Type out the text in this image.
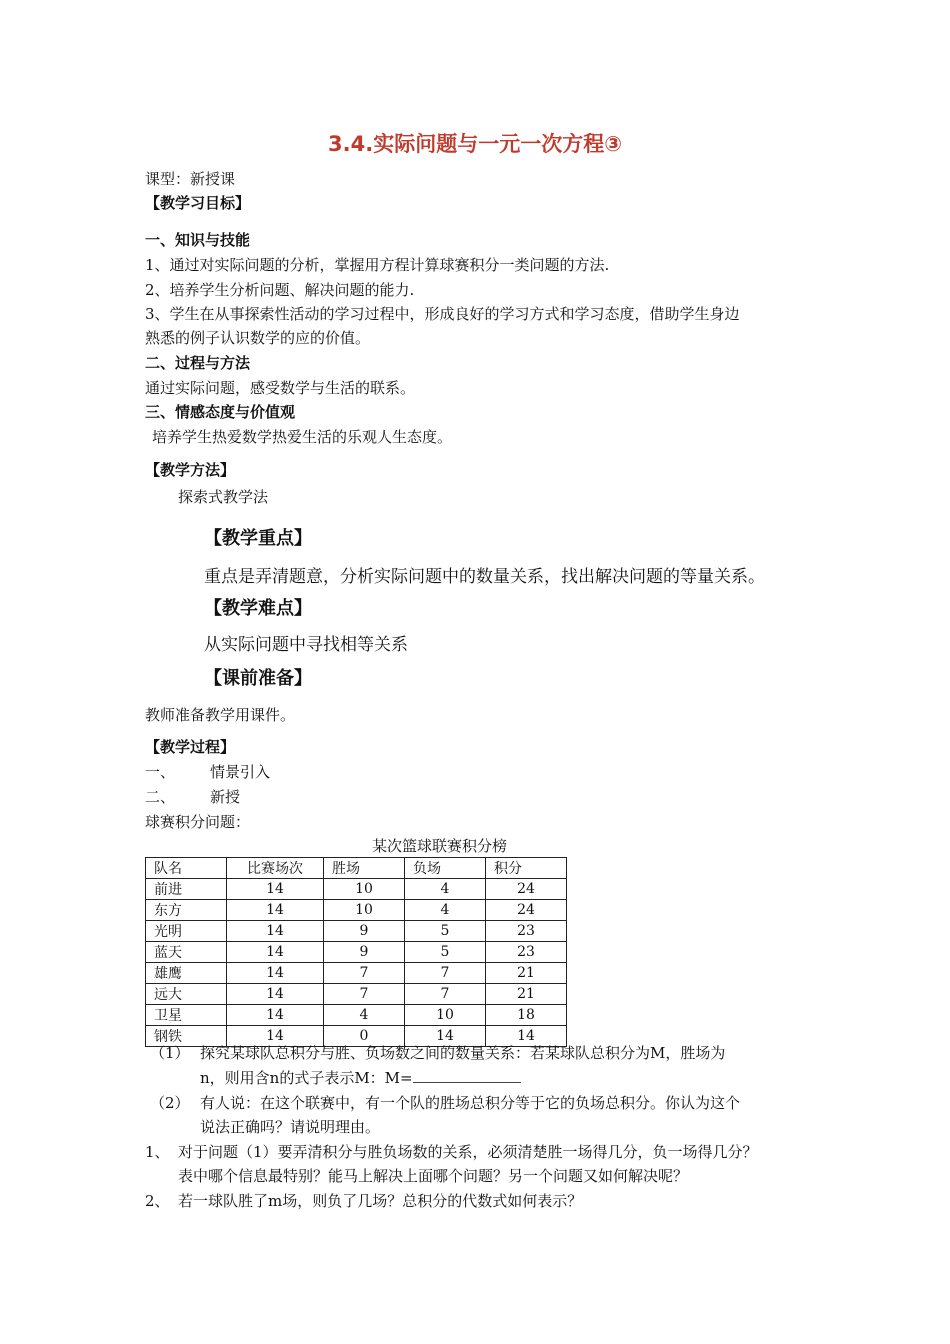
3.4.实际问题与一元一次方程③
课型：新授课
【教学习目标】
一、知识与技能
1、通过对实际问题的分析，掌握用方程计算球赛积分一类问题的方法.
2、培养学生分析问题、解决问题的能力.
3、学生在从事探索性活动的学习过程中，形成良好的学习方式和学习态度，借助学生身边
熟悉的例子认识数学的应的价值。
二、过程与方法
通过实际问题，感受数学与生活的联系。
三、情感态度与价值观
培养学生热爱数学热爱生活的乐观人生态度。
【教学方法】
探索式教学法
【教学重点】
重点是弄清题意，分析实际问题中的数量关系，找出解决问题的等量关系。
【教学难点】
从实际问题中寻找相等关系
【课前准备】
教师准备教学用课件。
【教学过程】
一、 情景引入
二、 新授
球赛积分问题：
某次篮球联赛积分榜
队名	比赛场次	胜场	负场	积分
前进	14	10	4	24
东方	14	10	4	24
光明	14	9	5	23
蓝天	14	9	5	23
雄鹰	14	7	7	21
远大	14	7	7	21
卫星	14	4	10	18
钢铁	14	0	14	14
（1） 探究某球队总积分与胜、负场数之间的数量关系：若某球队总积分为M，胜场为
n，则用含n的式子表示M：M=
（2） 有人说：在这个联赛中，有一个队的胜场总积分等于它的负场总积分。你认为这个
说法正确吗？请说明理由。
1、 对于问题（1）要弄清积分与胜负场数的关系，必须清楚胜一场得几分，负一场得几分？
表中哪个信息最特别？能马上解决上面哪个问题？另一个问题又如何解决呢？
2、 若一球队胜了m场，则负了几场？总积分的代数式如何表示？
